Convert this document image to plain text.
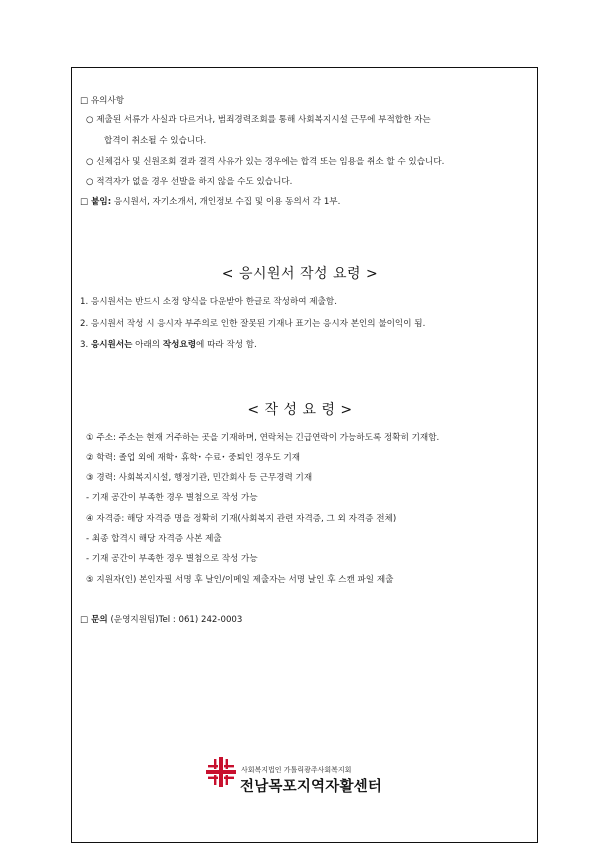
□ 유의사항
○ 제출된 서류가 사실과 다르거나, 범죄경력조회를 통해 사회복지시설 근무에 부적합한 자는
합격이 취소될 수 있습니다.
○ 신체검사 및 신원조회 결과 결격 사유가 있는 경우에는 합격 또는 임용을 취소 할 수 있습니다.
○ 적격자가 없을 경우 선발을 하지 않을 수도 있습니다.
□ 붙임: 응시원서, 자기소개서, 개인정보 수집 및 이용 동의서 각 1부.
< 응시원서 작성 요령 >
1. 응시원서는 반드시 소정 양식을 다운받아 한글로 작성하여 제출함.
2. 응시원서 작성 시 응시자 부주의로 인한 잘못된 기재나 표기는 응시자 본인의 불이익이 됨.
3. 응시원서는 아래의 작성요령에 따라 작성 함.
< 작 성 요 령 >
① 주소: 주소는 현재 거주하는 곳을 기재하며, 연락처는 긴급연락이 가능하도록 정확히 기재함.
② 학력: 졸업 외에 재학･ 휴학･ 수료･ 중퇴인 경우도 기재
③ 경력: 사회복지시설, 행정기관, 민간회사 등 근무경력 기재
- 기재 공간이 부족한 경우 별첨으로 작성 가능
④ 자격증: 해당 자격증 명을 정확히 기재(사회복지 관련 자격증, 그 외 자격증 전체)
- 최종 합격시 해당 자격증 사본 제출
- 기재 공간이 부족한 경우 별첨으로 작성 가능
⑤ 지원자(인) 본인자필 서명 후 날인/이메일 제출자는 서명 날인 후 스캔 파일 제출
□ 문의 (운영지원팀)Tel : 061) 242-0003
사회복지법인 가톨릭광주사회복지회
전남목포지역자활센터
